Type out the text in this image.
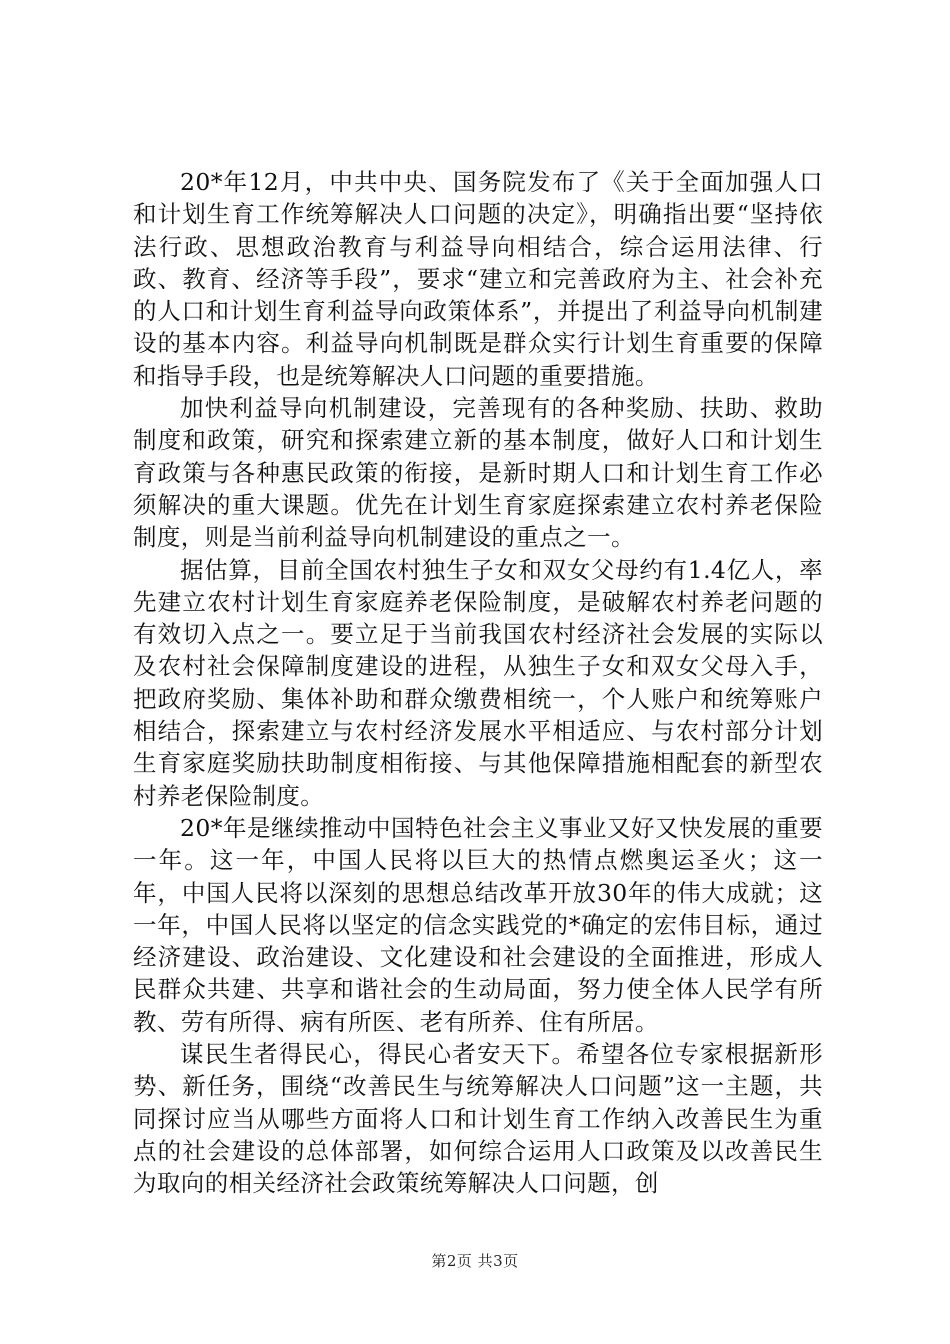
20*年12月，中共中央、国务院发布了《关于全面加强人口和计划生育工作统筹解决人口问题的决定》，明确指出要“坚持依法行政、思想政治教育与利益导向相结合，综合运用法律、行政、教育、经济等手段”，要求“建立和完善政府为主、社会补充的人口和计划生育利益导向政策体系”，并提出了利益导向机制建设的基本内容。利益导向机制既是群众实行计划生育重要的保障和指导手段，也是统筹解决人口问题的重要措施。

加快利益导向机制建设，完善现有的各种奖励、扶助、救助制度和政策，研究和探索建立新的基本制度，做好人口和计划生育政策与各种惠民政策的衔接，是新时期人口和计划生育工作必须解决的重大课题。优先在计划生育家庭探索建立农村养老保险制度，则是当前利益导向机制建设的重点之一。

据估算，目前全国农村独生子女和双女父母约有1.4亿人，率先建立农村计划生育家庭养老保险制度，是破解农村养老问题的有效切入点之一。要立足于当前我国农村经济社会发展的实际以及农村社会保障制度建设的进程，从独生子女和双女父母入手，把政府奖励、集体补助和群众缴费相统一，个人账户和统筹账户相结合，探索建立与农村经济发展水平相适应、与农村部分计划生育家庭奖励扶助制度相衔接、与其他保障措施相配套的新型农村养老保险制度。

20*年是继续推动中国特色社会主义事业又好又快发展的重要一年。这一年，中国人民将以巨大的热情点燃奥运圣火；这一年，中国人民将以深刻的思想总结改革开放30年的伟大成就；这一年，中国人民将以坚定的信念实践党的*确定的宏伟目标，通过经济建设、政治建设、文化建设和社会建设的全面推进，形成人民群众共建、共享和谐社会的生动局面，努力使全体人民学有所教、劳有所得、病有所医、老有所养、住有所居。

谋民生者得民心，得民心者安天下。希望各位专家根据新形势、新任务，围绕“改善民生与统筹解决人口问题”这一主题，共同探讨应当从哪些方面将人口和计划生育工作纳入改善民生为重点的社会建设的总体部署，如何综合运用人口政策及以改善民生为取向的相关经济社会政策统筹解决人口问题，创

第2页 共3页
